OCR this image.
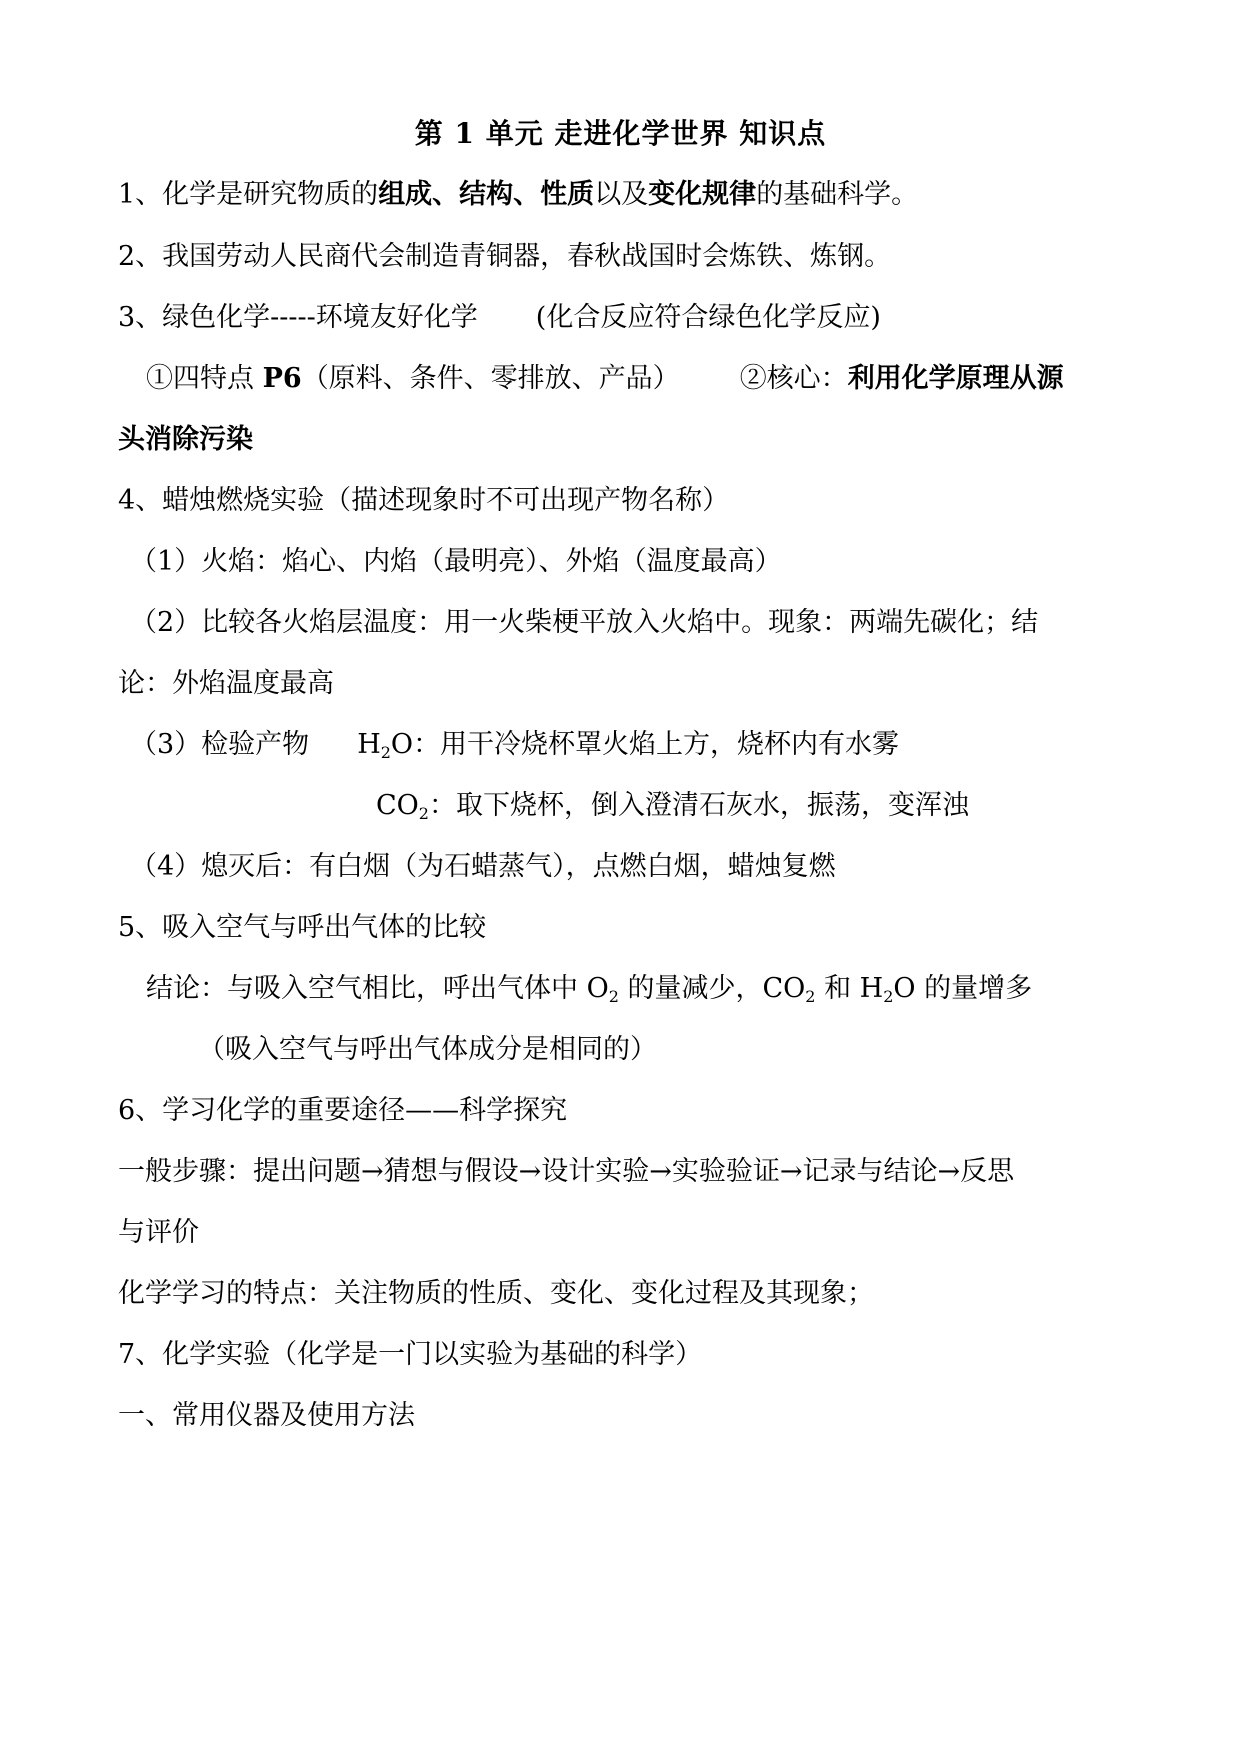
第 1 单元 走进化学世界 知识点
1、化学是研究物质的组成、结构、性质以及变化规律的基础科学。
2、我国劳动人民商代会制造青铜器，春秋战国时会炼铁、炼钢。
3、绿色化学-----环境友好化学 (化合反应符合绿色化学反应)
①四特点 P6（原料、条件、零排放、产品） ②核心：利用化学原理从源
头消除污染
4、蜡烛燃烧实验（描述现象时不可出现产物名称）
（1）火焰：焰心、内焰（最明亮）、外焰（温度最高）
（2）比较各火焰层温度：用一火柴梗平放入火焰中。现象：两端先碳化；结
论：外焰温度最高
（3）检验产物 $H_2O$：用干冷烧杯罩火焰上方，烧杯内有水雾
$CO_2$：取下烧杯，倒入澄清石灰水，振荡，变浑浊
（4）熄灭后：有白烟（为石蜡蒸气），点燃白烟，蜡烛复燃
5、吸入空气与呼出气体的比较
结论：与吸入空气相比，呼出气体中 $O_2$ 的量减少，$CO_2$ 和 $H_2O$ 的量增多
（吸入空气与呼出气体成分是相同的）
6、学习化学的重要途径——科学探究
一般步骤：提出问题→猜想与假设→设计实验→实验验证→记录与结论→反思
与评价
化学学习的特点：关注物质的性质、变化、变化过程及其现象；
7、化学实验（化学是一门以实验为基础的科学）
一、常用仪器及使用方法
